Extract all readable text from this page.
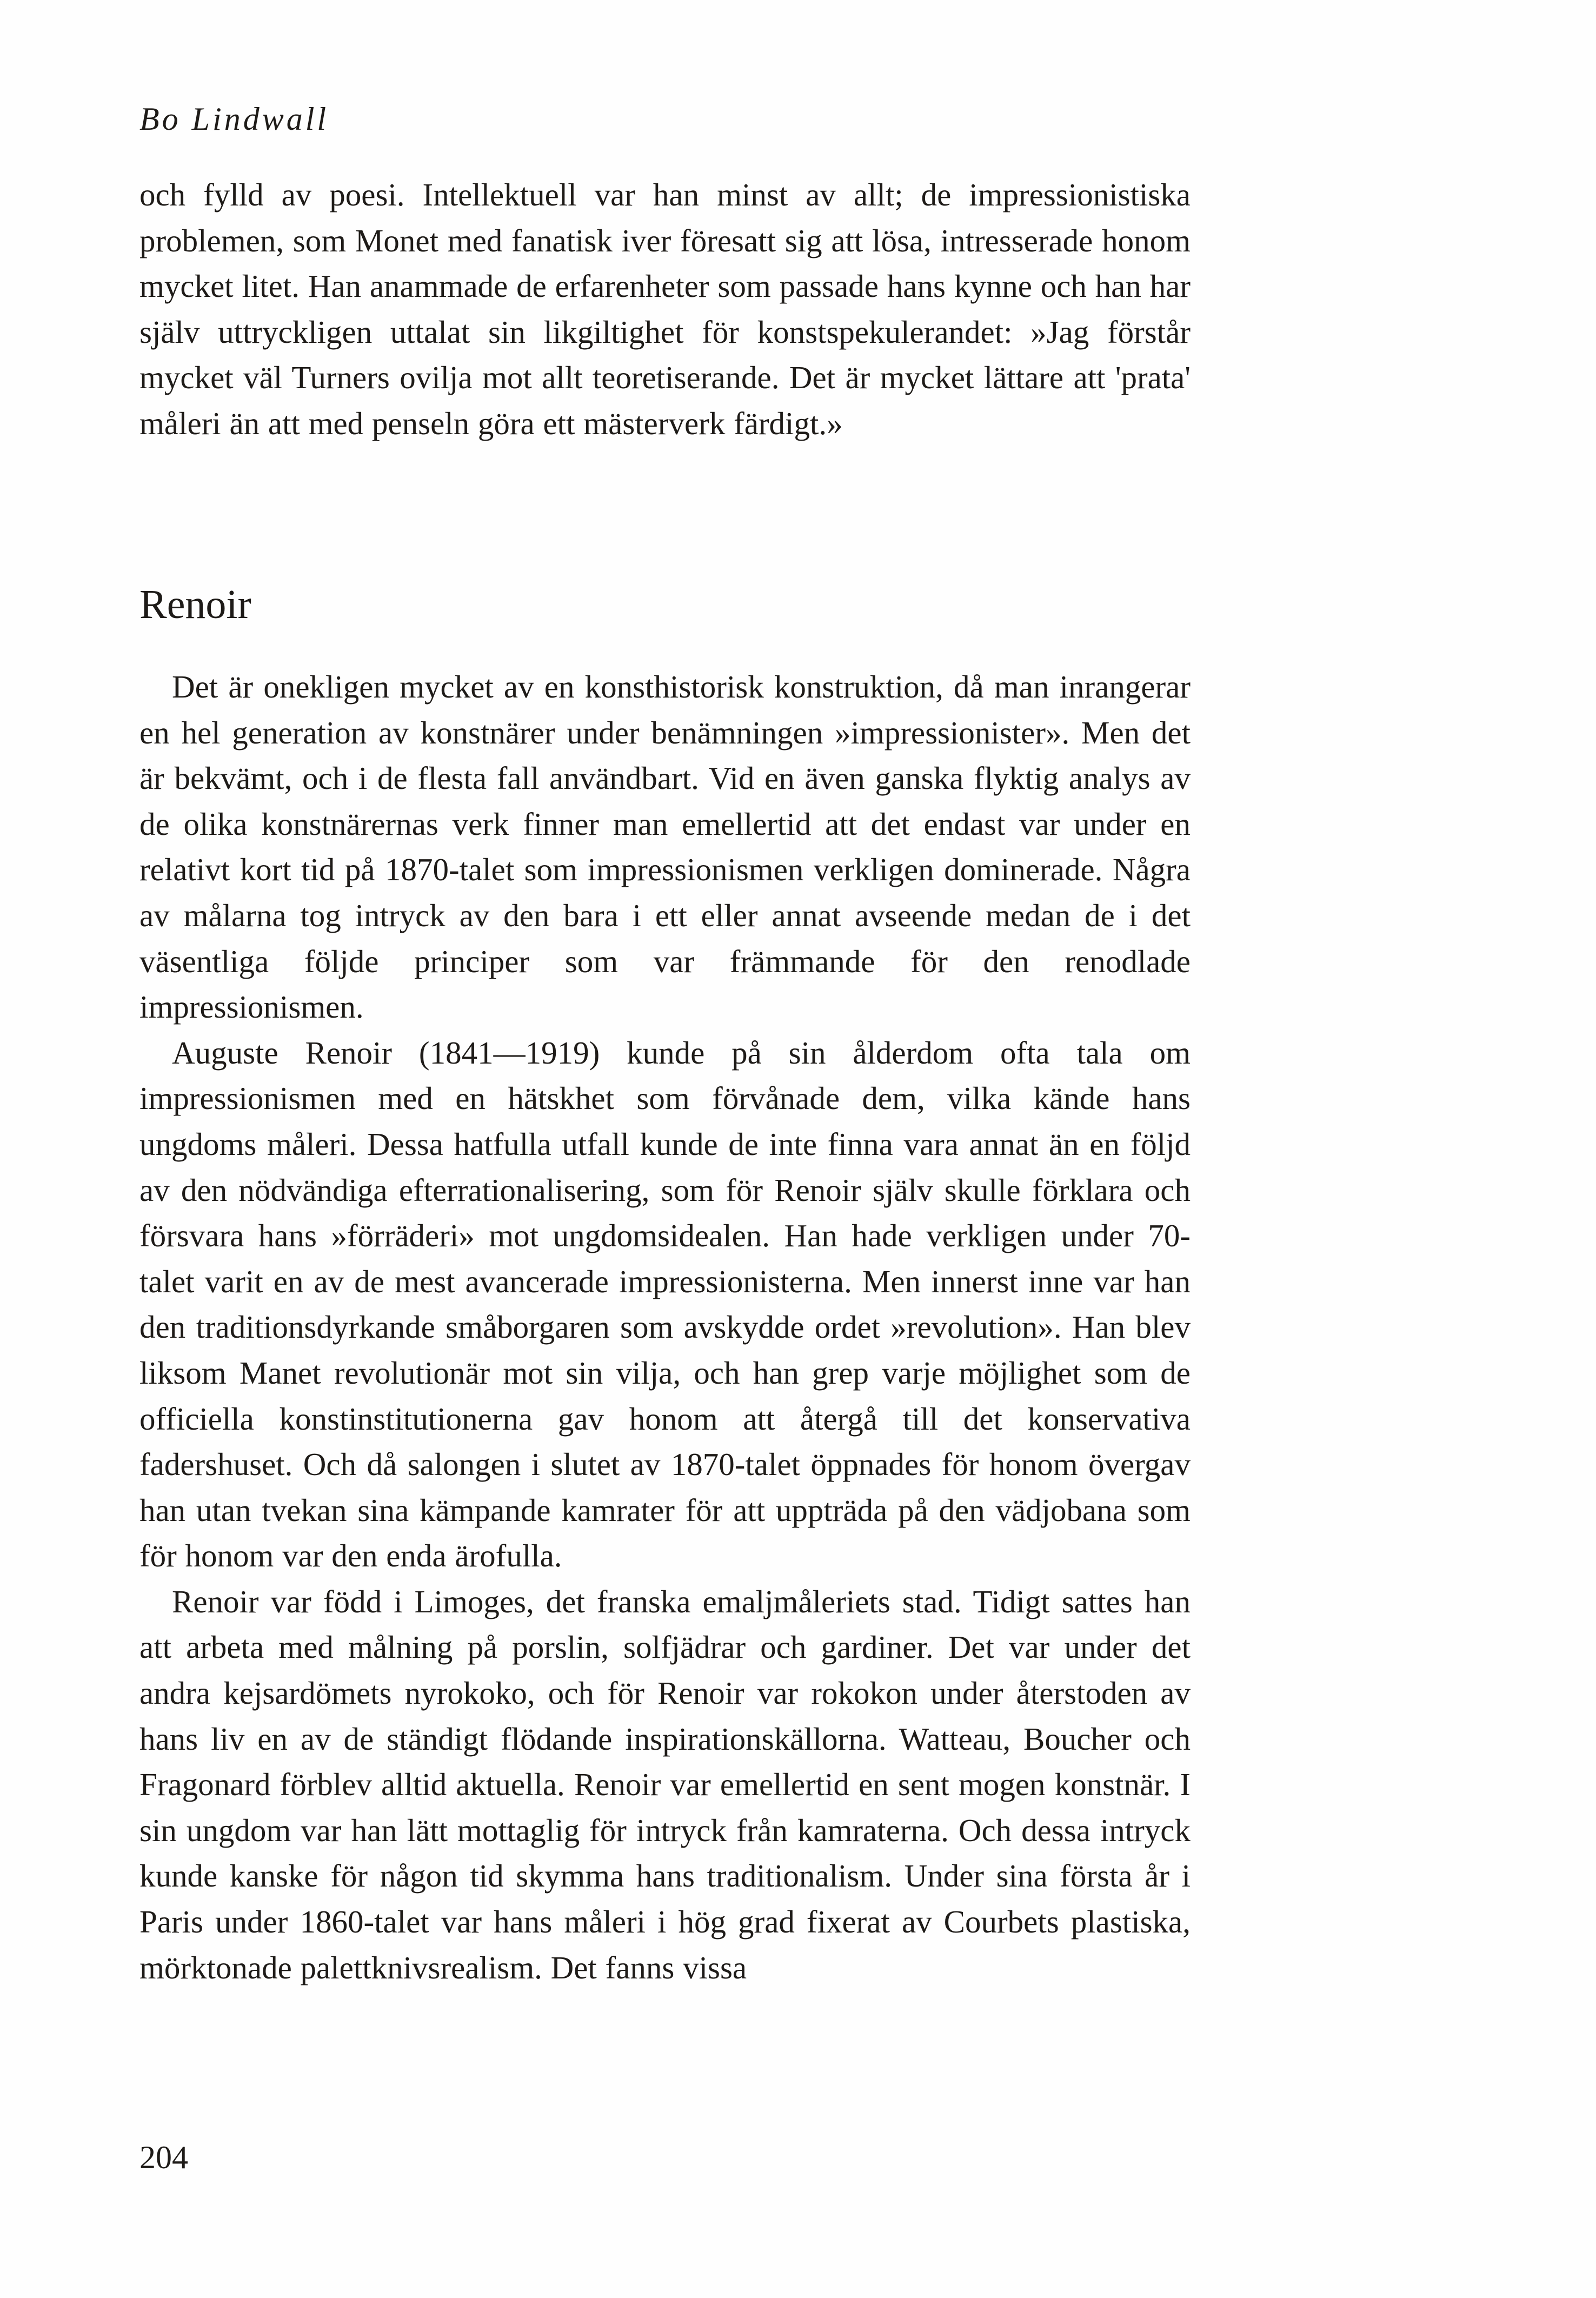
Bo Lindwall

och fylld av poesi. Intellektuell var han minst av allt; de impressionistiska problemen, som Monet med fanatisk iver föresatt sig att lösa, intresserade honom mycket litet. Han anammade de erfarenheter som passade hans kynne och han har själv uttryckligen uttalat sin likgiltighet för konstspekulerandet: »Jag förstår mycket väl Turners ovilja mot allt teoretiserande. Det är mycket lättare att 'prata' måleri än att med penseln göra ett mästerverk färdigt.»

Renoir

Det är onekligen mycket av en konsthistorisk konstruktion, då man inrangerar en hel generation av konstnärer under benämningen »impressionister». Men det är bekvämt, och i de flesta fall användbart. Vid en även ganska flyktig analys av de olika konstnärernas verk finner man emellertid att det endast var under en relativt kort tid på 1870-talet som impressionismen verkligen dominerade. Några av målarna tog intryck av den bara i ett eller annat avseende medan de i det väsentliga följde principer som var främmande för den renodlade impressionismen.

Auguste Renoir (1841—1919) kunde på sin ålderdom ofta tala om impressionismen med en hätskhet som förvånade dem, vilka kände hans ungdoms måleri. Dessa hatfulla utfall kunde de inte finna vara annat än en följd av den nödvändiga efterrationalisering, som för Renoir själv skulle förklara och försvara hans »förräderi» mot ungdomsidealen. Han hade verkligen under 70-talet varit en av de mest avancerade impressionisterna. Men innerst inne var han den traditionsdyrkande småborgaren som avskydde ordet »revolution». Han blev liksom Manet revolutionär mot sin vilja, och han grep varje möjlighet som de officiella konstinstitutionerna gav honom att återgå till det konservativa fadershuset. Och då salongen i slutet av 1870-talet öppnades för honom övergav han utan tvekan sina kämpande kamrater för att uppträda på den vädjobana som för honom var den enda ärofulla.

Renoir var född i Limoges, det franska emaljmåleriets stad. Tidigt sattes han att arbeta med målning på porslin, solfjädrar och gardiner. Det var under det andra kejsardömets nyrokoko, och för Renoir var rokokon under återstoden av hans liv en av de ständigt flödande inspirationskällorna. Watteau, Boucher och Fragonard förblev alltid aktuella. Renoir var emellertid en sent mogen konstnär. I sin ungdom var han lätt mottaglig för intryck från kamraterna. Och dessa intryck kunde kanske för någon tid skymma hans traditionalism. Under sina första år i Paris under 1860-talet var hans måleri i hög grad fixerat av Courbets plastiska, mörktonade palettknivsrealism. Det fanns vissa

204
